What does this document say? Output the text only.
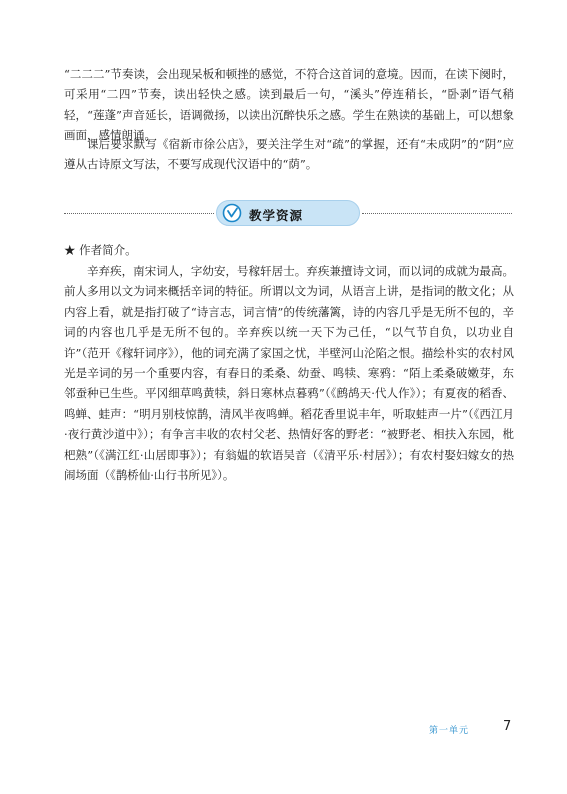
“二二二”节奏读，会出现呆板和顿挫的感觉，不符合这首词的意境。因而，在读下阕时，可采用“二四”节奏，读出轻快之感。读到最后一句，“溪头”停连稍长，“卧剥”语气稍轻，“莲蓬”声音延长，语调微扬，以读出沉醉快乐之感。学生在熟读的基础上，可以想象画面，感情朗诵。

课后要求默写《宿新市徐公店》，要关注学生对“疏”的掌握，还有“未成阴”的“阴”应遵从古诗原文写法，不要写成现代汉语中的“荫”。

教学资源

★ 作者简介。

辛弃疾，南宋词人，字幼安，号稼轩居士。弃疾兼擅诗文词，而以词的成就为最高。前人多用以文为词来概括辛词的特征。所谓以文为词，从语言上讲，是指词的散文化；从内容上看，就是指打破了“诗言志，词言情”的传统藩篱，诗的内容几乎是无所不包的，辛词的内容也几乎是无所不包的。辛弃疾以统一天下为己任，“以气节自负，以功业自许”（范开《稼轩词序》），他的词充满了家国之忧，半壁河山沦陷之恨。描绘朴实的农村风光是辛词的另一个重要内容，有春日的柔桑、幼蚕、鸣犊、寒鸦：“陌上柔桑破嫩芽，东邻蚕种已生些。平冈细草鸣黄犊，斜日寒林点暮鸦”（《鹧鸪天·代人作》）；有夏夜的稻香、鸣蝉、蛙声：“明月别枝惊鹊，清风半夜鸣蝉。稻花香里说丰年，听取蛙声一片”（《西江月·夜行黄沙道中》）；有争言丰收的农村父老、热情好客的野老：“被野老、相扶入东园，枇杷熟”（《满江红·山居即事》）；有翁媪的软语吴音（《清平乐·村居》）；有农村娶妇嫁女的热闹场面（《鹊桥仙·山行书所见》）。

第一单元	7
